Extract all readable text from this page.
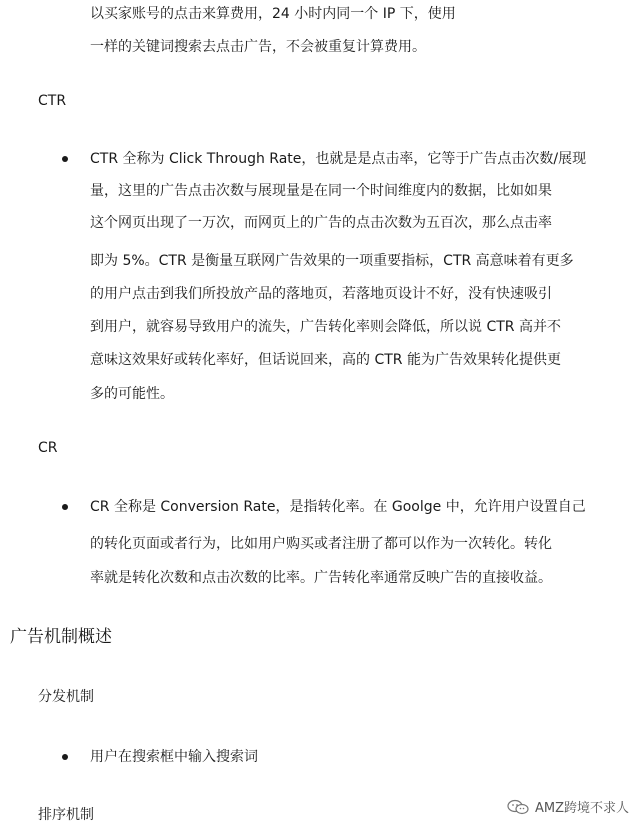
以买家账号的点击来算费用，24 小时内同一个 IP 下，使用
一样的关键词搜索去点击广告，不会被重复计算费用。
CTR
CTR 全称为 Click Through Rate，也就是是点击率，它等于广告点击次数/展现
量，这里的广告点击次数与展现量是在同一个时间维度内的数据，比如如果
这个网页出现了一万次，而网页上的广告的点击次数为五百次，那么点击率
即为 5%。CTR 是衡量互联网广告效果的一项重要指标，CTR 高意味着有更多
的用户点击到我们所投放产品的落地页，若落地页设计不好，没有快速吸引
到用户，就容易导致用户的流失，广告转化率则会降低，所以说 CTR 高并不
意味这效果好或转化率好，但话说回来，高的 CTR 能为广告效果转化提供更
多的可能性。
CR
CR 全称是 Conversion Rate，是指转化率。在 Goolge 中，允许用户设置自己
的转化页面或者行为，比如用户购买或者注册了都可以作为一次转化。转化
率就是转化次数和点击次数的比率。广告转化率通常反映广告的直接收益。
广告机制概述
分发机制
用户在搜索框中输入搜索词
排序机制	AMZ跨境不求人
